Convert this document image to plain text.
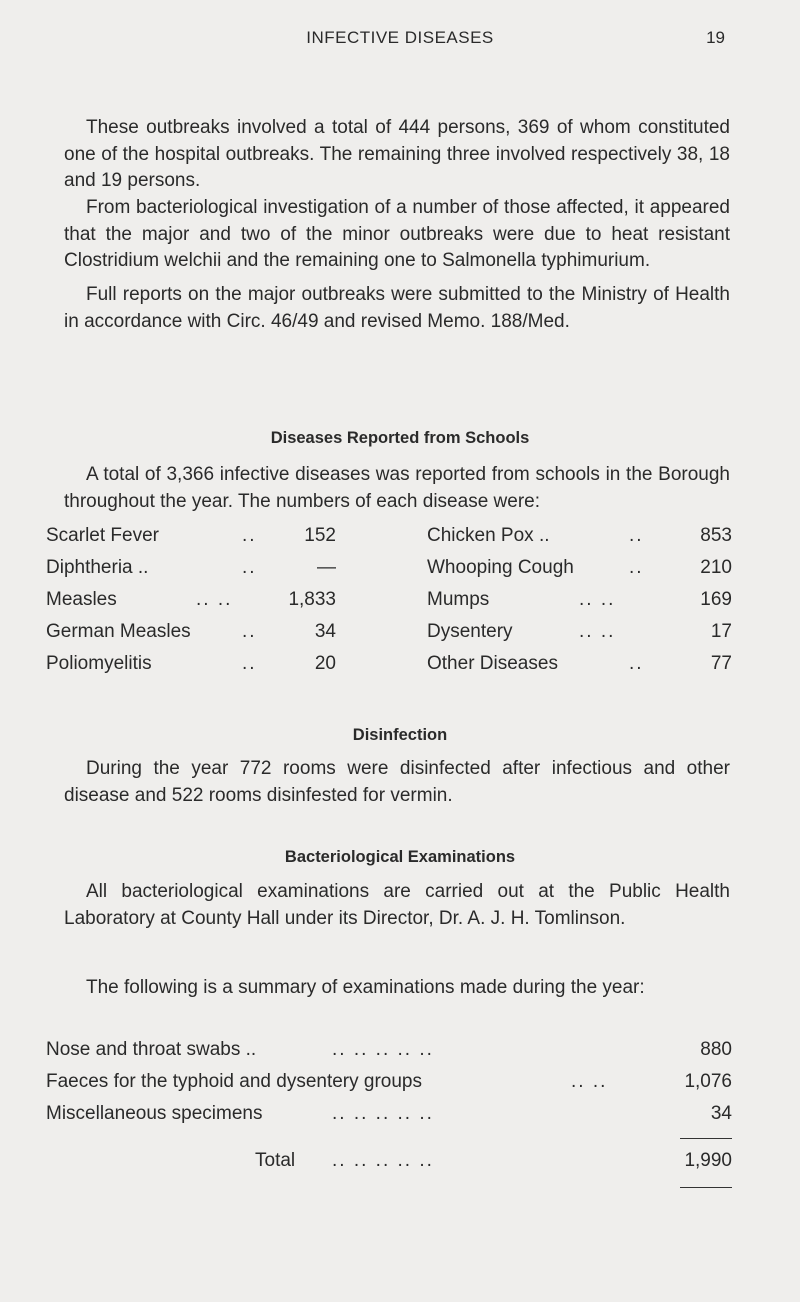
INFECTIVE DISEASES	19

These outbreaks involved a total of 444 persons, 369 of whom constituted one of the hospital outbreaks. The remaining three involved respectively 38, 18 and 19 persons.

From bacteriological investigation of a number of those affected, it appeared that the major and two of the minor outbreaks were due to heat resistant Clostridium welchii and the remaining one to Salmonella typhimurium.

Full reports on the major outbreaks were submitted to the Ministry of Health in accordance with Circ. 46/49 and revised Memo. 188/Med.

Diseases Reported from Schools

A total of 3,366 infective diseases was reported from schools in the Borough throughout the year. The numbers of each disease were:

Scarlet Fever	..	152
Diphtheria ..	..	—
Measles	.. ..	1,833
German Measles	..	34
Poliomyelitis	..	20
Chicken Pox ..	..	853
Whooping Cough	..	210
Mumps	.. ..	169
Dysentery	.. ..	17
Other Diseases	..	77
Disinfection

During the year 772 rooms were disinfected after infectious and other disease and 522 rooms disinfested for vermin.

Bacteriological Examinations

All bacteriological examinations are carried out at the Public Health Laboratory at County Hall under its Director, Dr. A. J. H. Tomlinson.

The following is a summary of examinations made during the year:

Nose and throat swabs ..	.. .. .. .. ..	880
Faeces for the typhoid and dysentery groups	.. ..	1,076
Miscellaneous specimens	.. .. .. .. ..	34
Total .. .. .. .. ..	1,990
